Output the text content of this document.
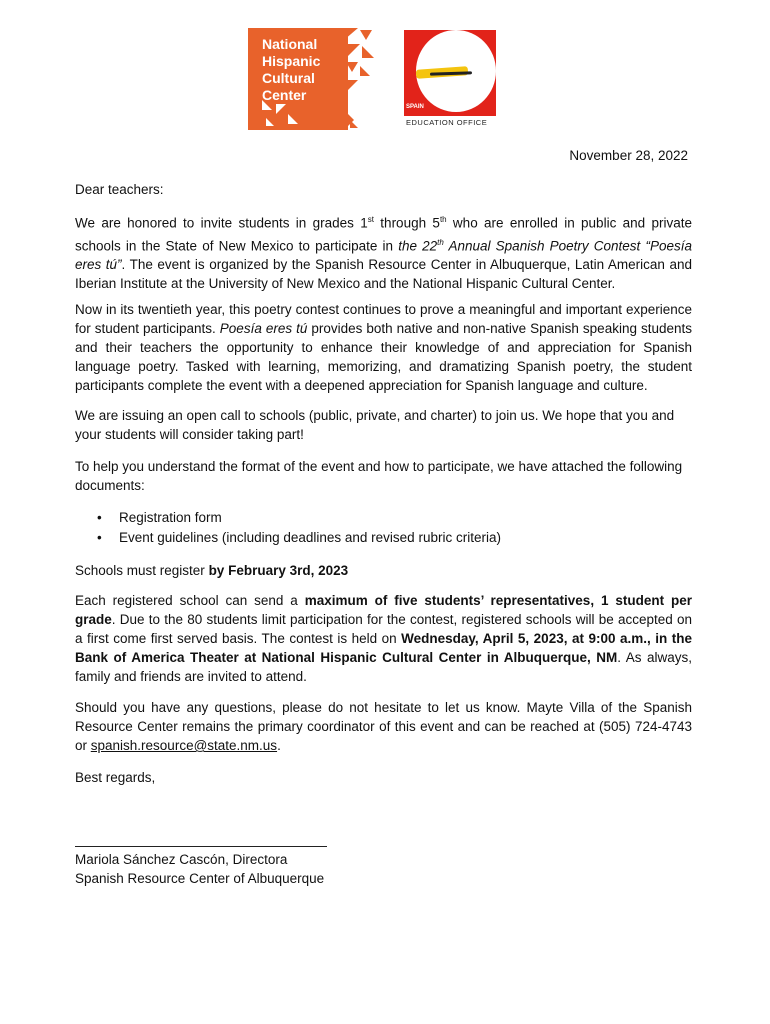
National
Hispanic
Cultural
Center
SPAIN
EDUCATION OFFICE
November 28, 2022

Dear teachers:

We are honored to invite students in grades 1st through 5th who are enrolled in public and private schools in the State of New Mexico to participate in the 22th Annual Spanish Poetry Contest “Poesía eres tú”. The event is organized by the Spanish Resource Center in Albuquerque, Latin American and Iberian Institute at the University of New Mexico and the National Hispanic Cultural Center.

Now in its twentieth year, this poetry contest continues to prove a meaningful and important experience for student participants. Poesía eres tú provides both native and non-native Spanish speaking students and their teachers the opportunity to enhance their knowledge of and appreciation for Spanish language poetry. Tasked with learning, memorizing, and dramatizing Spanish poetry, the student participants complete the event with a deepened appreciation for Spanish language and culture.

We are issuing an open call to schools (public, private, and charter) to join us. We hope that you and your students will consider taking part!

To help you understand the format of the event and how to participate, we have attached the following documents:

• Registration form
• Event guidelines (including deadlines and revised rubric criteria)

Schools must register by February 3rd, 2023

Each registered school can send a maximum of five students’ representatives, 1 student per grade. Due to the 80 students limit participation for the contest, registered schools will be accepted on a first come first served basis. The contest is held on Wednesday, April 5, 2023, at 9:00 a.m., in the Bank of America Theater at National Hispanic Cultural Center in Albuquerque, NM. As always, family and friends are invited to attend.

Should you have any questions, please do not hesitate to let us know. Mayte Villa of the Spanish Resource Center remains the primary coordinator of this event and can be reached at (505) 724-4743 or spanish.resource@state.nm.us.

Best regards,

Mariola Sánchez Cascón, Directora

Spanish Resource Center of Albuquerque
